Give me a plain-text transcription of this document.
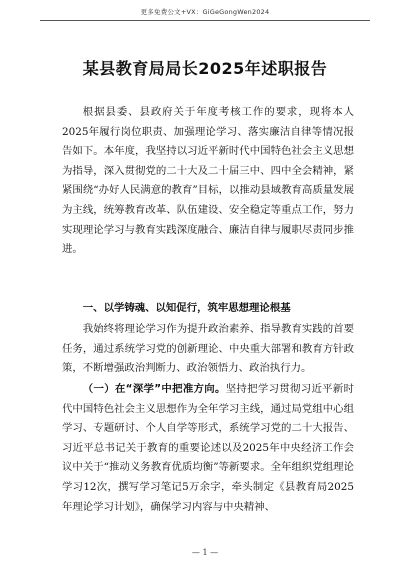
更多免费公文+VX：GiGeGongWen2024
某县教育局局长2025年述职报告

根据县委、县政府关于年度考核工作的要求，现将本人2025年履行岗位职责、加强理论学习、落实廉洁自律等情况报告如下。本年度，我坚持以习近平新时代中国特色社会主义思想为指导，深入贯彻党的二十大及二十届三中、四中全会精神，紧紧围绕“办好人民满意的教育”目标，以推动县域教育高质量发展为主线，统筹教育改革、队伍建设、安全稳定等重点工作，努力实现理论学习与教育实践深度融合、廉洁自律与履职尽责同步推进。

一、以学铸魂、以知促行，筑牢思想理论根基

我始终将理论学习作为提升政治素养、指导教育实践的首要任务，通过系统学习党的创新理论、中央重大部署和教育方针政策，不断增强政治判断力、政治领悟力、政治执行力。

（一）在“深学”中把准方向。坚持把学习贯彻习近平新时代中国特色社会主义思想作为全年学习主线，通过局党组中心组学习、专题研讨、个人自学等形式，系统学习党的二十大报告、习近平总书记关于教育的重要论述以及2025年中央经济工作会议中关于“推动义务教育优质均衡”等新要求。全年组织党组理论学习12次，撰写学习笔记5万余字，牵头制定《县教育局2025年理论学习计划》，确保学习内容与中央精神、

— 1 —
